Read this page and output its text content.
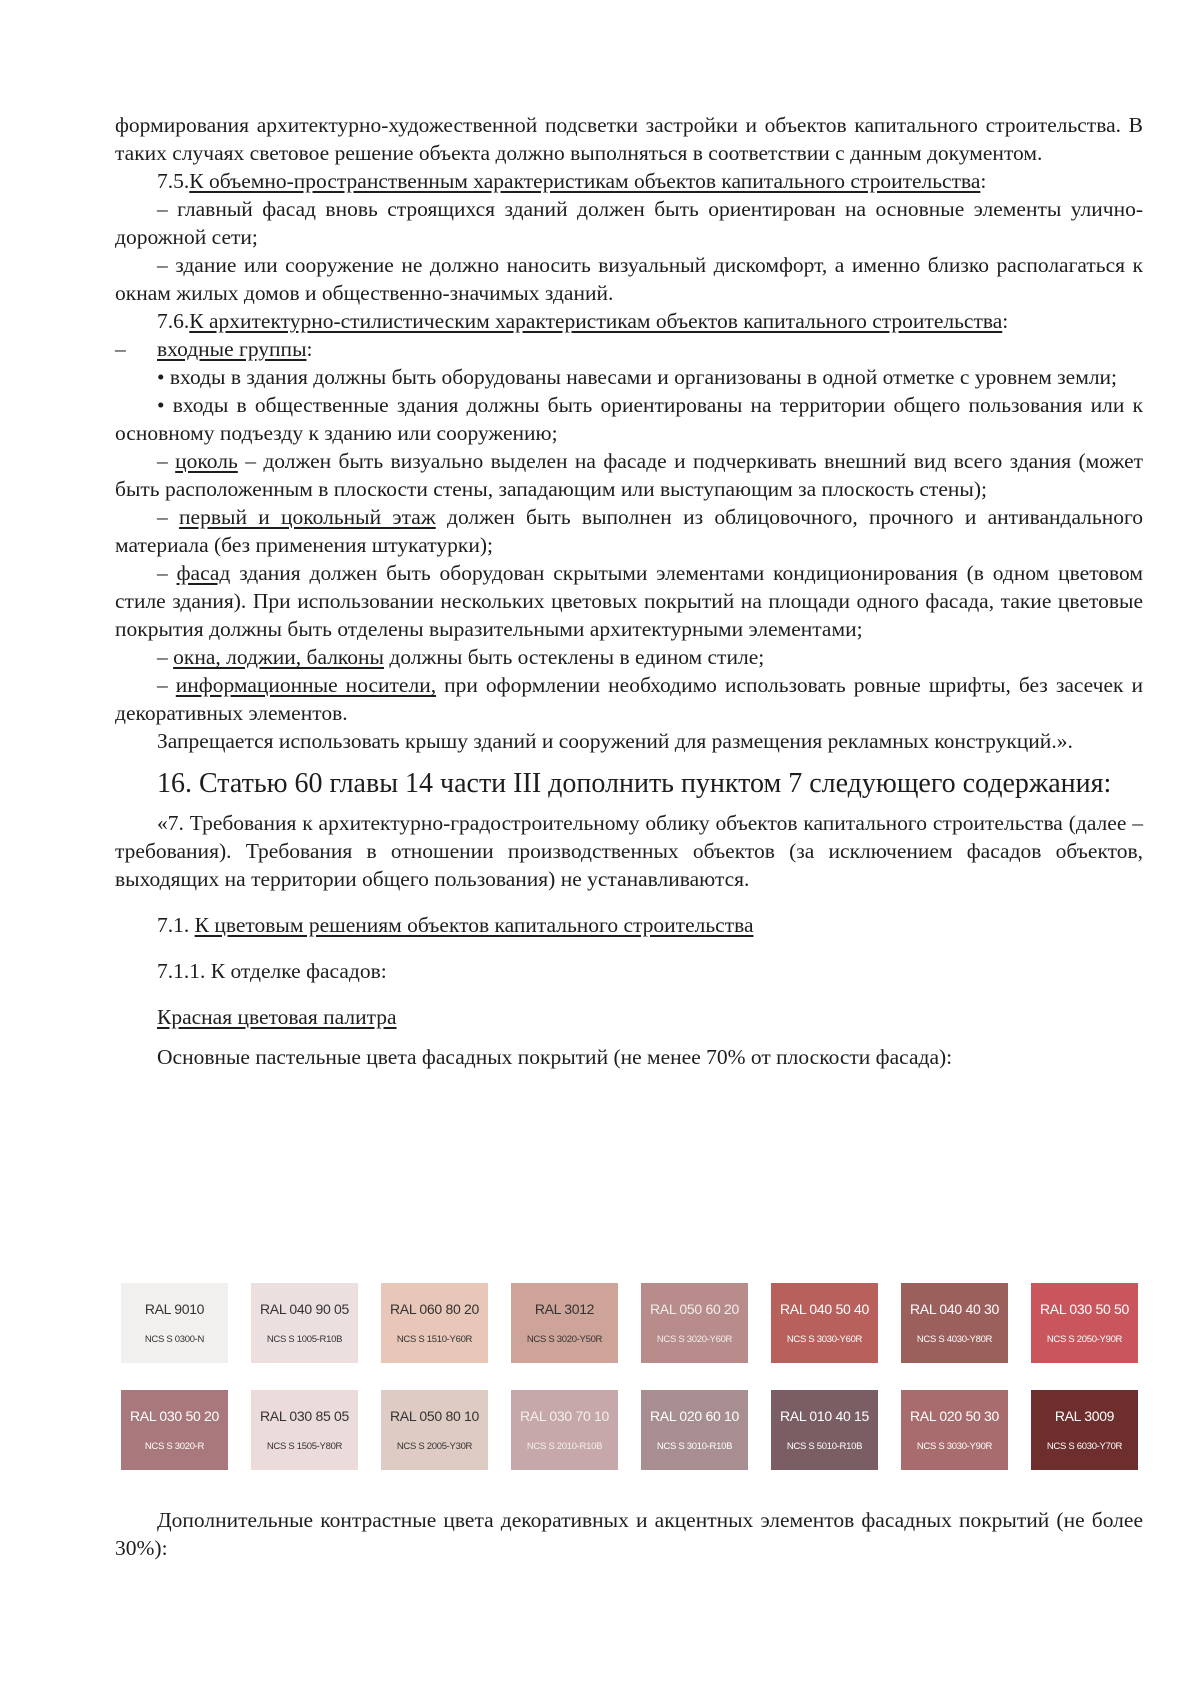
формирования архитектурно-художественной подсветки застройки и объектов капитального строительства. В таких случаях световое решение объекта должно выполняться в соответствии с данным документом.

7.5.К объемно-пространственным характеристикам объектов капитального строительства:

– главный фасад вновь строящихся зданий должен быть ориентирован на основные элементы улично-дорожной сети;

– здание или сооружение не должно наносить визуальный дискомфорт, а именно близко располагаться к окнам жилых домов и общественно-значимых зданий.

7.6.К архитектурно-стилистическим характеристикам объектов капитального строительства:

–	входные группы:

• входы в здания должны быть оборудованы навесами и организованы в одной отметке с уровнем земли;

• входы в общественные здания должны быть ориентированы на территории общего пользования или к основному подъезду к зданию или сооружению;

– цоколь – должен быть визуально выделен на фасаде и подчеркивать внешний вид всего здания (может быть расположенным в плоскости стены, западающим или выступающим за плоскость стены);

– первый и цокольный этаж должен быть выполнен из облицовочного, прочного и антивандального материала (без применения штукатурки);

– фасад здания должен быть оборудован скрытыми элементами кондиционирования (в одном цветовом стиле здания). При использовании нескольких цветовых покрытий на площади одного фасада, такие цветовые покрытия должны быть отделены выразительными архитектурными элементами;

– окна, лоджии, балконы должны быть остеклены в едином стиле;

– информационные носители, при оформлении необходимо использовать ровные шрифты, без засечек и декоративных элементов.

Запрещается использовать крышу зданий и сооружений для размещения рекламных конструкций.».

16. Статью 60 главы 14 части III дополнить пунктом 7 следующего содержания:

«7. Требования к архитектурно-градостроительному облику объектов капитального строительства (далее – требования). Требования в отношении производственных объектов (за исключением фасадов объектов, выходящих на территории общего пользования) не устанавливаются.

7.1. К цветовым решениям объектов капитального строительства

7.1.1. К отделке фасадов:

Красная цветовая палитра

Основные пастельные цвета фасадных покрытий (не менее 70% от плоскости фасада):

RAL 9010
NCS S 0300-N
RAL 040 90 05
NCS S 1005-R10B
RAL 060 80 20
NCS S 1510-Y60R
RAL 3012
NCS S 3020-Y50R
RAL 050 60 20
NCS S 3020-Y60R
RAL 040 50 40
NCS S 3030-Y60R
RAL 040 40 30
NCS S 4030-Y80R
RAL 030 50 50
NCS S 2050-Y90R
RAL 030 50 20
NCS S 3020-R
RAL 030 85 05
NCS S 1505-Y80R
RAL 050 80 10
NCS S 2005-Y30R
RAL 030 70 10
NCS S 2010-R10B
RAL 020 60 10
NCS S 3010-R10B
RAL 010 40 15
NCS S 5010-R10B
RAL 020 50 30
NCS S 3030-Y90R
RAL 3009
NCS S 6030-Y70R

Дополнительные контрастные цвета декоративных и акцентных элементов фасадных покрытий (не более 30%):
